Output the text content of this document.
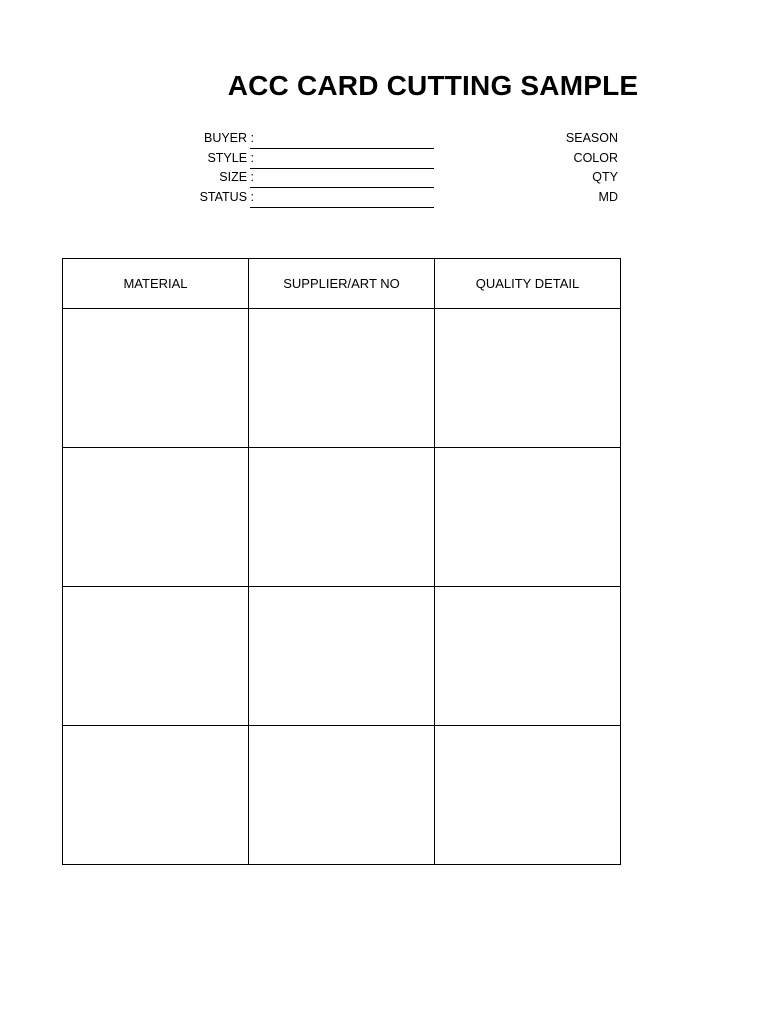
ACC CARD CUTTING SAMPLE
BUYER :
STYLE :
SIZE :
STATUS :
SEASON
COLOR
QTY
MD
MATERIAL	SUPPLIER/ART NO	QUALITY DETAIL
